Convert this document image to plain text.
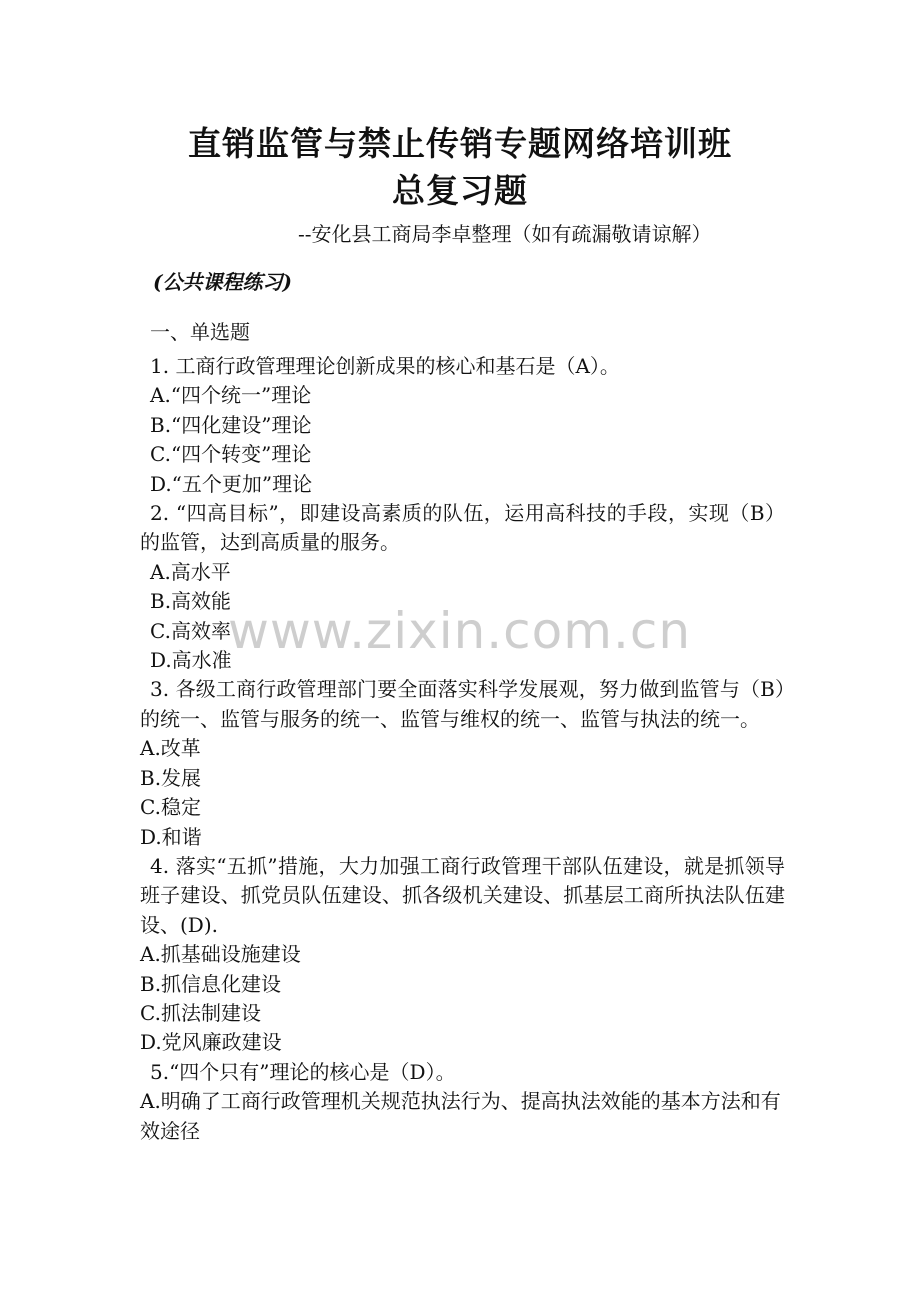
直销监管与禁止传销专题网络培训班
总复习题
--安化县工商局李卓整理（如有疏漏敬请谅解）
(公共课程练习)
一、单选题

1. 工商行政管理理论创新成果的核心和基石是（A）。

A.“四个统一”理论

B.“四化建设”理论

C.“四个转变”理论

D.“五个更加”理论

2. “四高目标”，即建设高素质的队伍，运用高科技的手段，实现（B）的监管，达到高质量的服务。

A.高水平

B.高效能

C.高效率

D.高水准

3. 各级工商行政管理部门要全面落实科学发展观，努力做到监管与（B）的统一、监管与服务的统一、监管与维权的统一、监管与执法的统一。

A.改革

B.发展

C.稳定

D.和谐

4. 落实“五抓”措施，大力加强工商行政管理干部队伍建设，就是抓领导班子建设、抓党员队伍建设、抓各级机关建设、抓基层工商所执法队伍建设、(D).

A.抓基础设施建设

B.抓信息化建设

C.抓法制建设

D.党风廉政建设

5.“四个只有”理论的核心是（D）。

A.明确了工商行政管理机关规范执法行为、提高执法效能的基本方法和有效途径

www.zixin.com.cn
